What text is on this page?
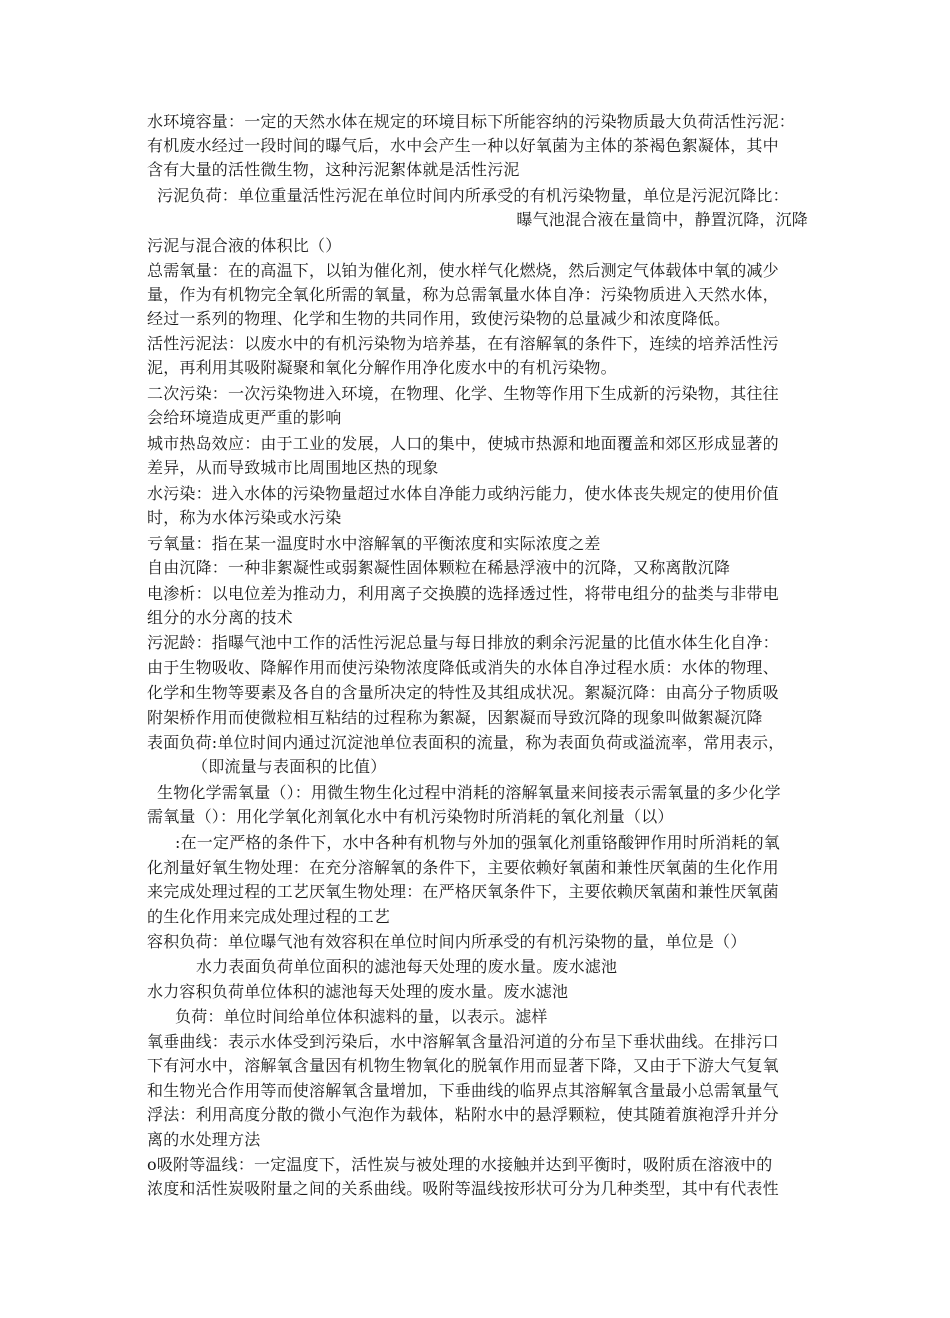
水环境容量：一定的天然水体在规定的环境目标下所能容纳的污染物质最大负荷活性污泥：
有机废水经过一段时间的曝气后，水中会产生一种以好氧菌为主体的茶褐色絮凝体，其中
含有大量的活性微生物，这种污泥絮体就是活性污泥
污泥负荷：单位重量活性污泥在单位时间内所承受的有机污染物量，单位是污泥沉降比：
曝气池混合液在量筒中，静置沉降，沉降
污泥与混合液的体积比（）
总需氧量：在的高温下，以铂为催化剂，使水样气化燃烧，然后测定气体载体中氧的减少
量，作为有机物完全氧化所需的氧量，称为总需氧量水体自净：污染物质进入天然水体，
经过一系列的物理、化学和生物的共同作用，致使污染物的总量减少和浓度降低。
活性污泥法：以废水中的有机污染物为培养基，在有溶解氧的条件下，连续的培养活性污
泥，再利用其吸附凝聚和氧化分解作用净化废水中的有机污染物。
二次污染：一次污染物进入环境，在物理、化学、生物等作用下生成新的污染物，其往往
会给环境造成更严重的影响
城市热岛效应：由于工业的发展，人口的集中，使城市热源和地面覆盖和郊区形成显著的
差异，从而导致城市比周围地区热的现象
水污染：进入水体的污染物量超过水体自净能力或纳污能力，使水体丧失规定的使用价值
时，称为水体污染或水污染
亏氧量：指在某一温度时水中溶解氧的平衡浓度和实际浓度之差
自由沉降：一种非絮凝性或弱絮凝性固体颗粒在稀悬浮液中的沉降，又称离散沉降
电渗析：以电位差为推动力，利用离子交换膜的选择透过性，将带电组分的盐类与非带电
组分的水分离的技术
污泥龄：指曝气池中工作的活性污泥总量与每日排放的剩余污泥量的比值水体生化自净：
由于生物吸收、降解作用而使污染物浓度降低或消失的水体自净过程水质：水体的物理、
化学和生物等要素及各自的含量所决定的特性及其组成状况。絮凝沉降：由高分子物质吸
附架桥作用而使微粒相互粘结的过程称为絮凝，因絮凝而导致沉降的现象叫做絮凝沉降
表面负荷:单位时间内通过沉淀池单位表面积的流量，称为表面负荷或溢流率，常用表示，
（即流量与表面积的比值）
生物化学需氧量（）：用微生物生化过程中消耗的溶解氧量来间接表示需氧量的多少化学
需氧量（）：用化学氧化剂氧化水中有机污染物时所消耗的氧化剂量（以）
:在一定严格的条件下，水中各种有机物与外加的强氧化剂重铬酸钾作用时所消耗的氧
化剂量好氧生物处理：在充分溶解氧的条件下，主要依赖好氧菌和兼性厌氧菌的生化作用
来完成处理过程的工艺厌氧生物处理：在严格厌氧条件下，主要依赖厌氧菌和兼性厌氧菌
的生化作用来完成处理过程的工艺
容积负荷：单位曝气池有效容积在单位时间内所承受的有机污染物的量，单位是（）
水力表面负荷单位面积的滤池每天处理的废水量。废水滤池
水力容积负荷单位体积的滤池每天处理的废水量。废水滤池
负荷：单位时间给单位体积滤料的量，以表示。滤样
氧垂曲线：表示水体受到污染后，水中溶解氧含量沿河道的分布呈下垂状曲线。在排污口
下有河水中，溶解氧含量因有机物生物氧化的脱氧作用而显著下降，又由于下游大气复氧
和生物光合作用等而使溶解氧含量增加，下垂曲线的临界点其溶解氧含量最小总需氧量气
浮法：利用高度分散的微小气泡作为载体，粘附水中的悬浮颗粒，使其随着旗袍浮升并分
离的水处理方法
o吸附等温线：一定温度下，活性炭与被处理的水接触并达到平衡时，吸附质在溶液中的
浓度和活性炭吸附量之间的关系曲线。吸附等温线按形状可分为几种类型，其中有代表性
